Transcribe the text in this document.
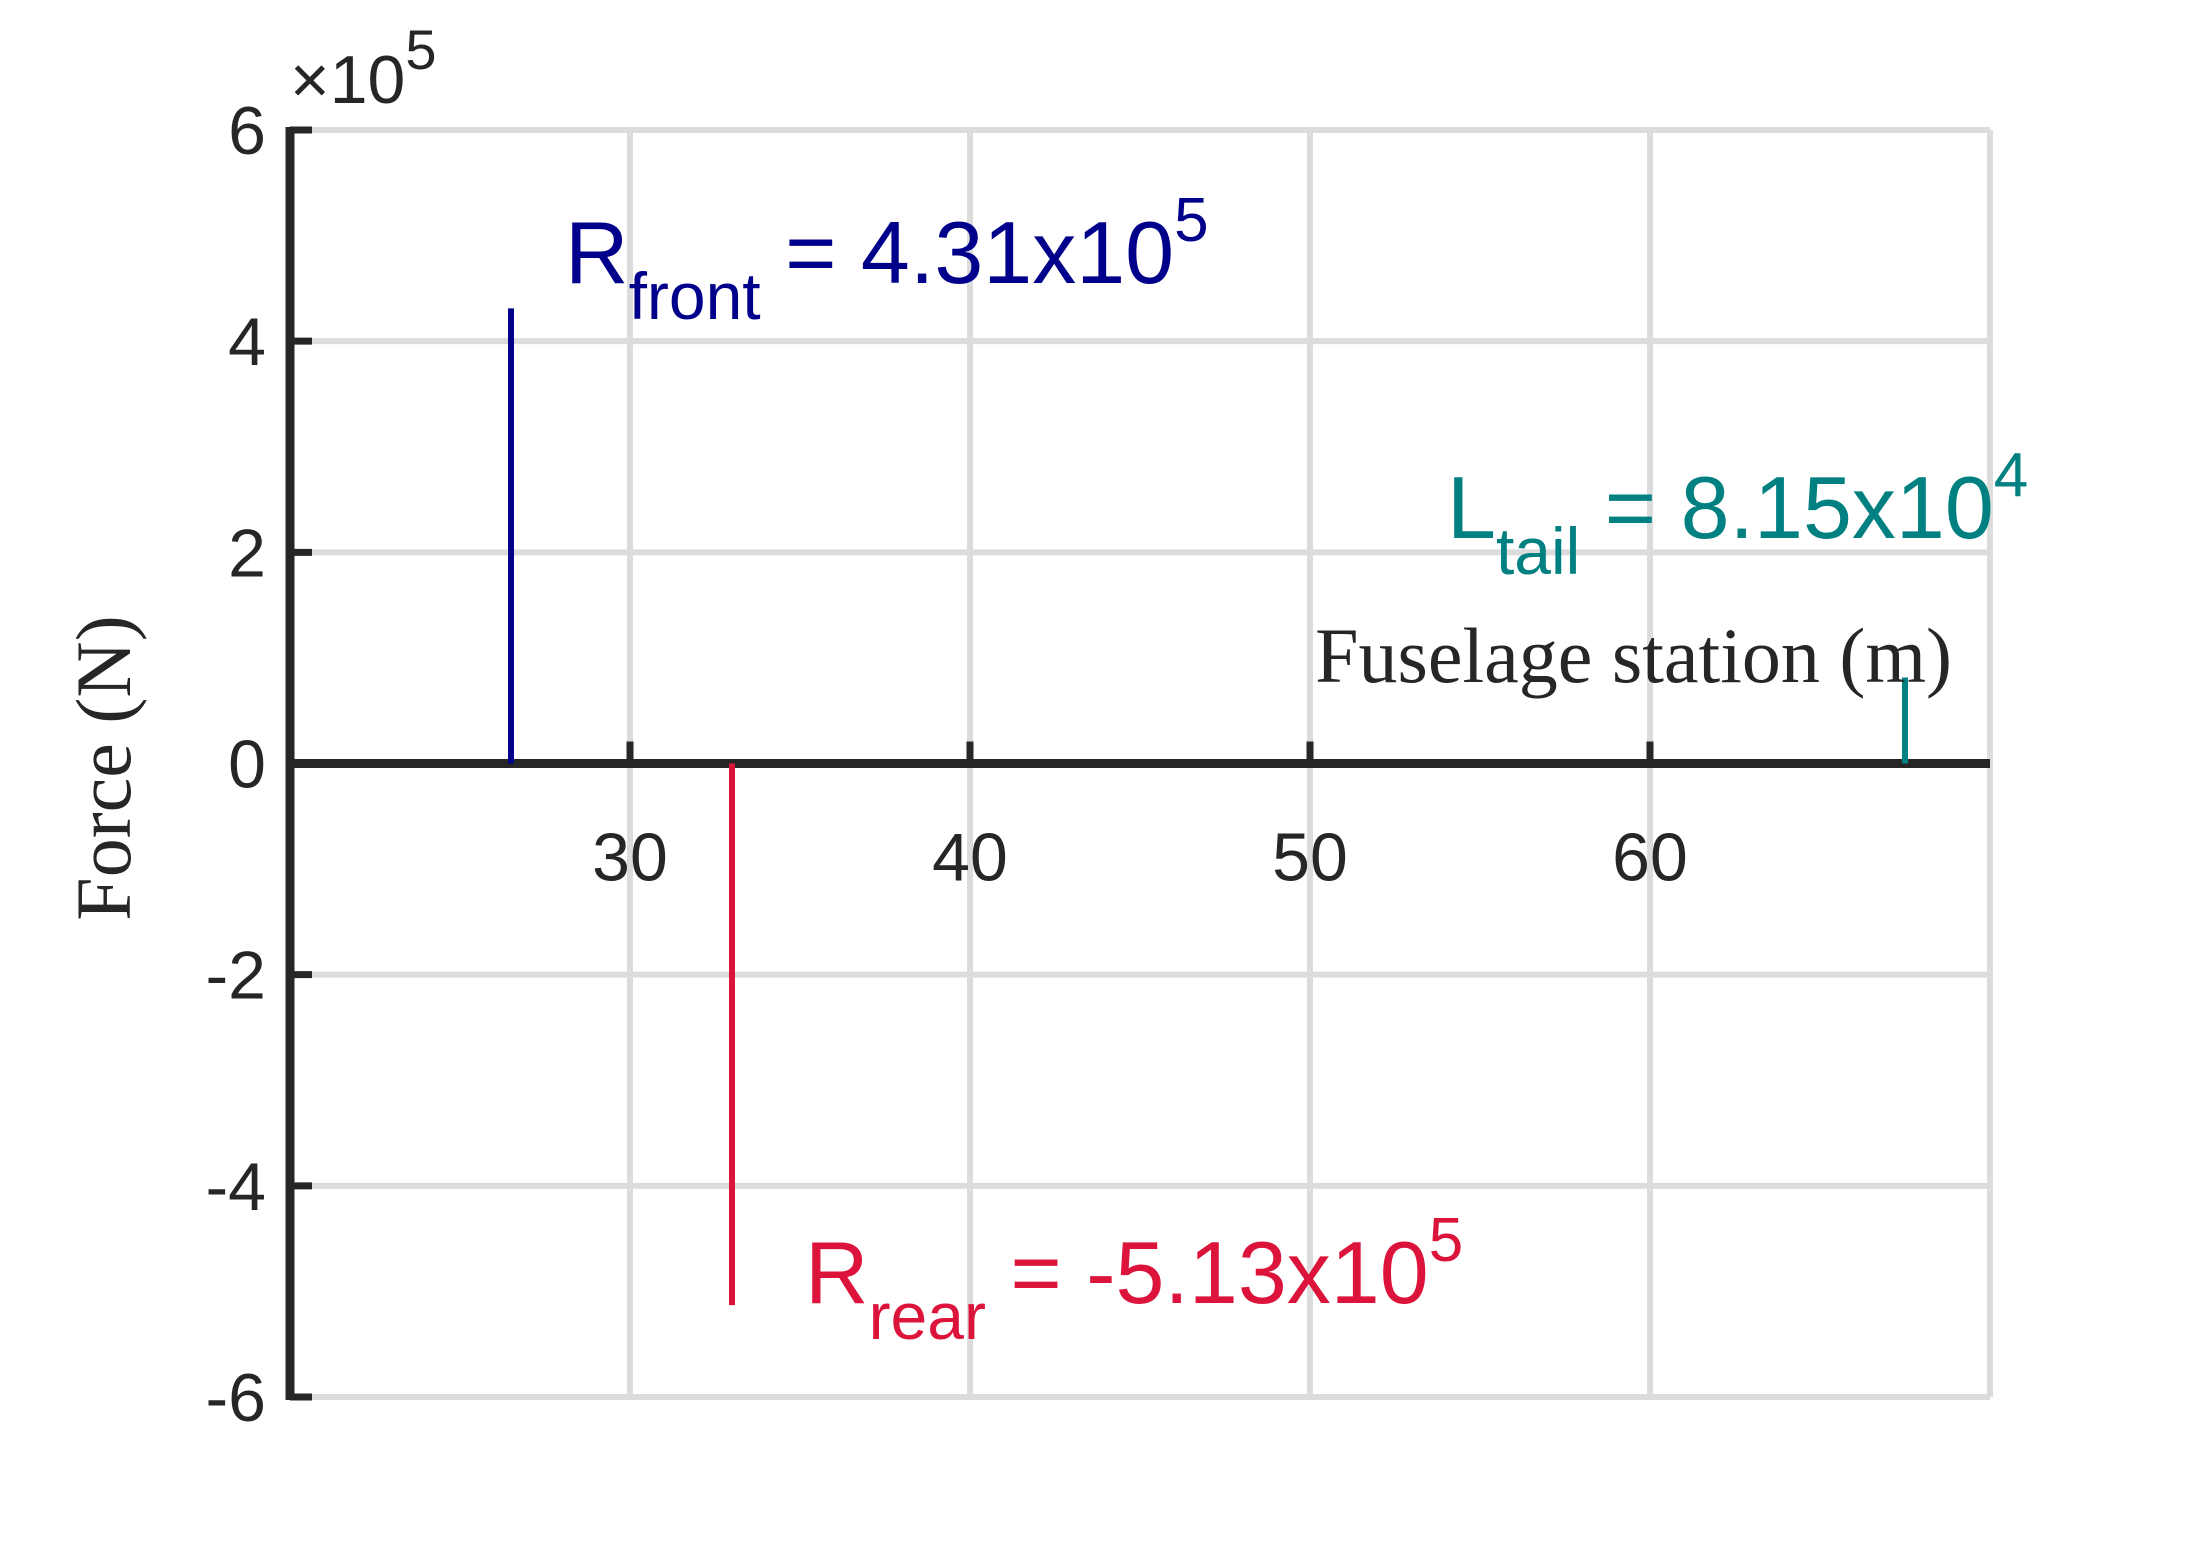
-6
-4
-2
0
2
4
6
30	40	50	60
$\times 10^5$
Fuselage station (m)
Force (N)
$R_{front} = 4.31x10^5$
$R_{rear} = -5.13x10^5$
$L_{tail} = 8.15x10^4$
